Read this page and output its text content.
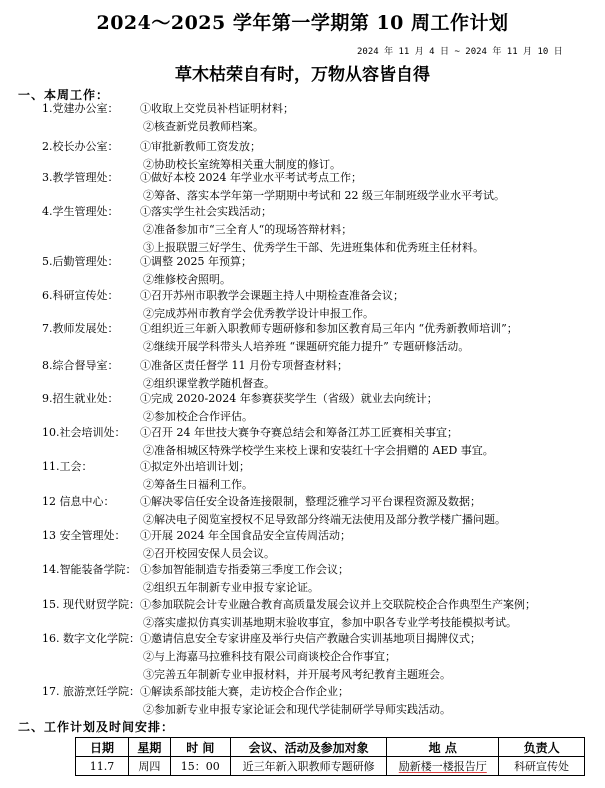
2024～2025 学年第一学期第 10 周工作计划
2024 年 11 月 4 日 ~ 2024 年 11 月 10 日
草木枯荣自有时，万物从容皆自得
一、本周工作：
1.党建办公室： ①收取上交党员补档证明材料；
②核查新党员教师档案。
2.校长办公室： ①审批新教师工资发放；
②协助校长室统筹相关重大制度的修订。
3.教学管理处： ①做好本校 2024 年学业水平考试考点工作；
②筹备、落实本学年第一学期期中考试和 22 级三年制班级学业水平考试。
4.学生管理处： ①落实学生社会实践活动；
②准备参加市“三全育人“的现场答辩材料；
③上报联盟三好学生、优秀学生干部、先进班集体和优秀班主任材料。
5.后勤管理处： ①调整 2025 年预算；
②维修校舍照明。
6.科研宣传处： ①召开苏州市职教学会课题主持人中期检查准备会议；
②完成苏州市教育学会优秀教学设计申报工作。
7.教师发展处： ①组织近三年新入职教师专题研修和参加区教育局三年内 “优秀新教师培训”；
②继续开展学科带头人培养班 “课题研究能力提升” 专题研修活动。
8.综合督导室： ①准备区责任督学 11 月份专项督查材料；
②组织课堂教学随机督查。
9.招生就业处： ①完成 2020-2024 年参赛获奖学生（省级）就业去向统计；
②参加校企合作评估。
10.社会培训处： ①召开 24 年世技大赛争夺赛总结会和筹备江苏工匠赛相关事宜；
②准备相城区特殊学校学生来校上课和安装红十字会捐赠的 AED 事宜。
11.工会：	①拟定外出培训计划；
②筹备生日福利工作。
12 信息中心： ①解决零信任安全设备连接限制，整理泛雅学习平台课程资源及数据；
②解决电子阅览室授权不足导致部分终端无法使用及部分教学楼广播问题。
13 安全管理处： ①开展 2024 年全国食品安全宣传周活动；
②召开校园安保人员会议。
14.智能装备学院： ①参加智能制造专指委第三季度工作会议；
②组织五年制新专业申报专家论证。
15. 现代财贸学院： ①参加联院会计专业融合教育高质量发展会议并上交联院校企合作典型生产案例；
②落实虚拟仿真实训基地期末验收事宜，参加中职各专业学考技能模拟考试。
16. 数字文化学院： ①邀请信息安全专家讲座及举行央信产教融合实训基地项目揭牌仪式；
②与上海嘉马拉雅科技有限公司商谈校企合作事宜；
③完善五年制新专业申报材料，并开展考风考纪教育主题班会。
17. 旅游烹饪学院： ①解读系部技能大赛，走访校企合作企业；
②参加新专业申报专家论证会和现代学徒制研学导师实践活动。
二、工作计划及时间安排：
日期	星期	时 间	会议、活动及参加对象	地 点	负责人
11.7	周四	15：00	近三年新入职教师专题研修	励新楼一楼报告厅	科研宣传处
